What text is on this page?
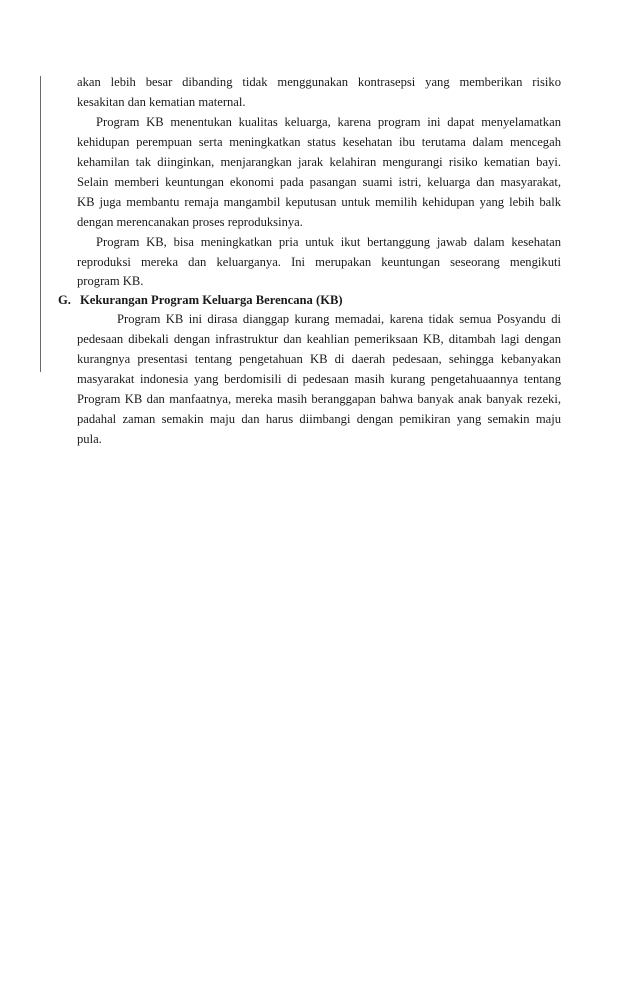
akan lebih besar dibanding tidak menggunakan kontrasepsi yang memberikan risiko
kesakitan dan kematian maternal.
Program KB menentukan kualitas keluarga, karena program ini dapat menyelamatkan
kehidupan perempuan serta meningkatkan status kesehatan ibu terutama dalam mencegah
kehamilan tak diinginkan, menjarangkan jarak kelahiran mengurangi risiko kematian bayi.
Selain memberi keuntungan ekonomi pada pasangan suami istri, keluarga dan masyarakat,
KB juga membantu remaja mangambil keputusan untuk memilih kehidupan yang lebih balk
dengan merencanakan proses reproduksinya.
Program KB, bisa meningkatkan pria untuk ikut bertanggung jawab dalam kesehatan
reproduksi mereka dan keluarganya. Ini merupakan keuntungan seseorang mengikuti
program KB.
G. Kekurangan Program Keluarga Berencana (KB)
Program KB ini dirasa dianggap kurang memadai, karena tidak semua Posyandu di
pedesaan dibekali dengan infrastruktur dan keahlian pemeriksaan KB, ditambah lagi dengan
kurangnya presentasi tentang pengetahuan KB di daerah pedesaan, sehingga kebanyakan
masyarakat indonesia yang berdomisili di pedesaan masih kurang pengetahuaannya tentang
Program KB dan manfaatnya, mereka masih beranggapan bahwa banyak anak banyak rezeki,
padahal zaman semakin maju dan harus diimbangi dengan pemikiran yang semakin maju
pula.
